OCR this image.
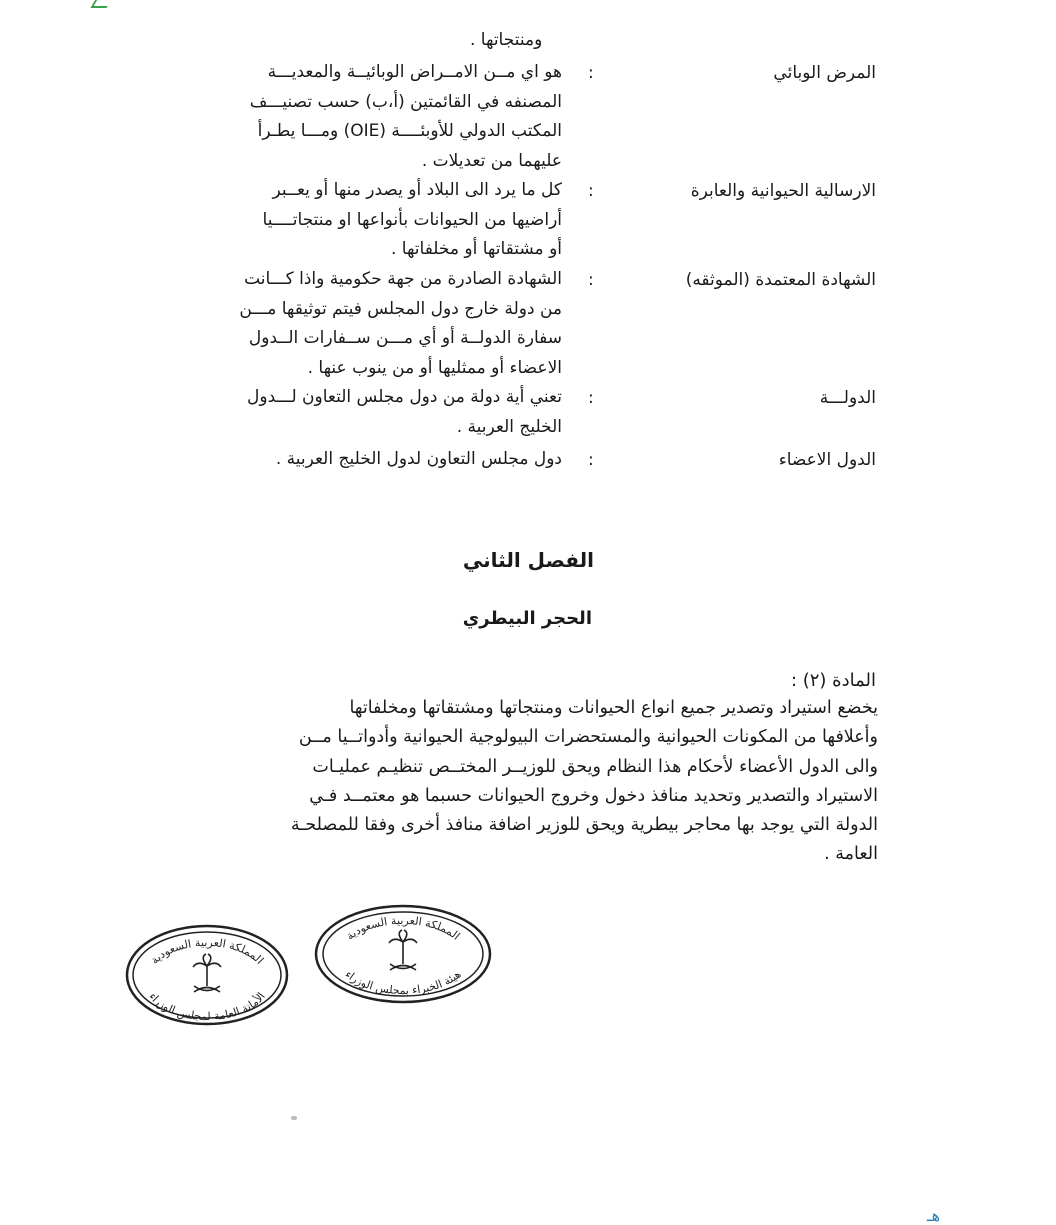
ومنتجاتها .
المرض الوبائي
:
هو اي مــن الامــراض الوبائيــة والمعديـــة
المصنفه في القائمتين (أ،ب) حسب تصنيـــف
المكتب الدولي للأوبئــــة (OIE) ومـــا يطـرأ
عليهما من تعديلات .
الارسالية الحيوانية والعابرة
:
كل ما يرد الى البلاد أو يصدر منها أو يعــبر
أراضيها من الحيوانات بأنواعها او منتجاتــــيا
أو مشتقاتها أو مخلفاتها .
الشهادة المعتمدة (الموثقه)
:
الشهادة الصادرة من جهة حكومية واذا كـــانت
من دولة خارج دول المجلس فيتم توثيقها مـــن
سفارة الدولــة أو أي مـــن ســفارات الــدول
الاعضاء أو ممثليها أو من ينوب عنها .
الدولـــة
:
تعني أية دولة من دول مجلس التعاون لـــدول
الخليج العربية .
الدول الاعضاء
:
دول مجلس التعاون لدول الخليج العربية .
الفصل الثاني
الحجر البيطري
المادة (٢) :
يخضع استيراد وتصدير جميع انواع الحيوانات ومنتجاتها ومشتقاتها ومخلفاتها
وأعلافها من المكونات الحيوانية والمستحضرات البيولوجية الحيوانية وأدواتــيا مــن
والى الدول الأعضاء لأحكام هذا النظام ويحق للوزيــر المختــص تنظيـم عمليـات
الاستيراد والتصدير وتحديد منافذ دخول وخروج الحيوانات حسبما هو معتمــد فـي
الدولة التي يوجد بها محاجر بيطرية ويحق للوزير اضافة منافذ أخرى وفقا للمصلحـة
العامة .
المملكة العربية السعودية
الأمانة العامة لمجلس الوزراء
المملكة العربية السعودية
هيئة الخبراء بمجلس الوزراء
هـ
